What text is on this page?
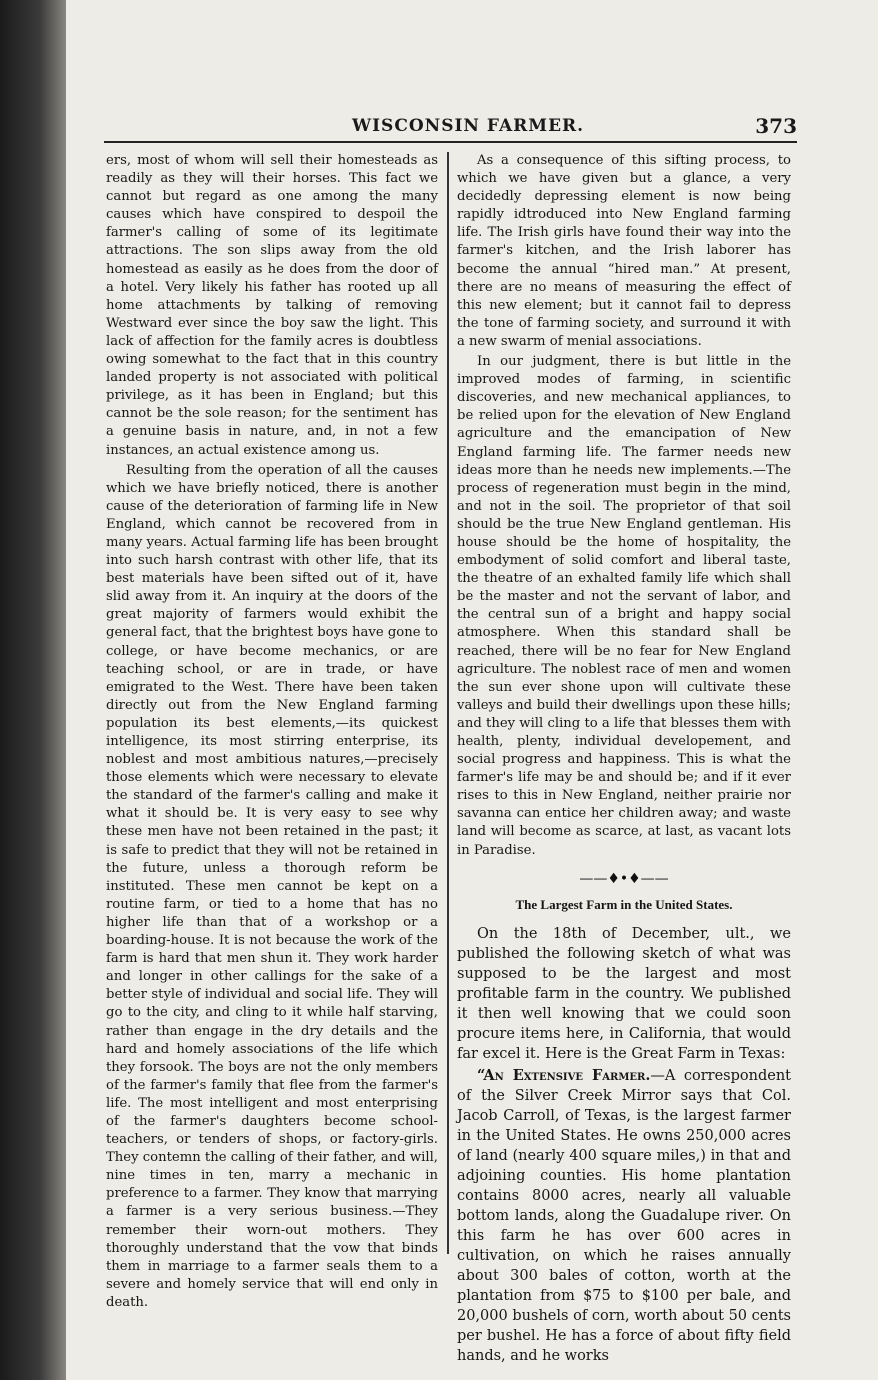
WISCONSIN FARMER.	373

ers, most of whom will sell their homesteads as readily as they will their horses. This fact we cannot but regard as one among the many causes which have conspired to despoil the farmer's calling of some of its legitimate attractions. The son slips away from the old homestead as easily as he does from the door of a hotel. Very likely his father has rooted up all home attachments by talking of removing Westward ever since the boy saw the light. This lack of affection for the family acres is doubtless owing somewhat to the fact that in this country landed property is not associated with political privilege, as it has been in England; but this cannot be the sole reason; for the sentiment has a genuine basis in nature, and, in not a few instances, an actual existence among us.

Resulting from the operation of all the causes which we have briefly noticed, there is another cause of the deterioration of farming life in New England, which cannot be recovered from in many years. Actual farming life has been brought into such harsh contrast with other life, that its best materials have been sifted out of it, have slid away from it. An inquiry at the doors of the great majority of farmers would exhibit the general fact, that the brightest boys have gone to college, or have become mechanics, or are teaching school, or are in trade, or have emigrated to the West. There have been taken directly out from the New England farming population its best elements,—its quickest intelligence, its most stirring enterprise, its noblest and most ambitious natures,—precisely those elements which were necessary to elevate the standard of the farmer's calling and make it what it should be. It is very easy to see why these men have not been retained in the past; it is safe to predict that they will not be retained in the future, unless a thorough reform be instituted. These men cannot be kept on a routine farm, or tied to a home that has no higher life than that of a workshop or a boarding-house. It is not because the work of the farm is hard that men shun it. They work harder and longer in other callings for the sake of a better style of individual and social life. They will go to the city, and cling to it while half starving, rather than engage in the dry details and the hard and homely associations of the life which they forsook. The boys are not the only members of the farmer's family that flee from the farmer's life. The most intelligent and most enterprising of the farmer's daughters become school-teachers, or tenders of shops, or factory-girls. They contemn the calling of their father, and will, nine times in ten, marry a mechanic in preference to a farmer. They know that marrying a farmer is a very serious business.—They remember their worn-out mothers. They thoroughly understand that the vow that binds them in marriage to a farmer seals them to a severe and homely service that will end only in death.

As a consequence of this sifting process, to which we have given but a glance, a very decidedly depressing element is now being rapidly idtroduced into New England farming life. The Irish girls have found their way into the farmer's kitchen, and the Irish laborer has become the annual “hired man.” At present, there are no means of measuring the effect of this new element; but it cannot fail to depress the tone of farming society, and surround it with a new swarm of menial associations.

In our judgment, there is but little in the improved modes of farming, in scientific discoveries, and new mechanical appliances, to be relied upon for the elevation of New England agriculture and the emancipation of New England farming life. The farmer needs new ideas more than he needs new implements.—The process of regeneration must begin in the mind, and not in the soil. The proprietor of that soil should be the true New England gentleman. His house should be the home of hospitality, the embodyment of solid comfort and liberal taste, the theatre of an exhalted family life which shall be the master and not the servant of labor, and the central sun of a bright and happy social atmosphere. When this standard shall be reached, there will be no fear for New England agriculture. The noblest race of men and women the sun ever shone upon will cultivate these valleys and build their dwellings upon these hills; and they will cling to a life that blesses them with health, plenty, individual developement, and social progress and happiness. This is what the farmer's life may be and should be; and if it ever rises to this in New England, neither prairie nor savanna can entice her children away; and waste land will become as scarce, at last, as vacant lots in Paradise.

——♦•♦——
The Largest Farm in the United States.

On the 18th of December, ult., we published the following sketch of what was supposed to be the largest and most profitable farm in the country. We published it then well knowing that we could soon procure items here, in California, that would far excel it. Here is the Great Farm in Texas:

“An Extensive Farmer.—A correspondent of the Silver Creek Mirror says that Col. Jacob Carroll, of Texas, is the largest farmer in the United States. He owns 250,000 acres of land (nearly 400 square miles,) in that and adjoining counties. His home plantation contains 8000 acres, nearly all valuable bottom lands, along the Guadalupe river. On this farm he has over 600 acres in cultivation, on which he raises annually about 300 bales of cotton, worth at the plantation from $75 to $100 per bale, and 20,000 bushels of corn, worth about 50 cents per bushel. He has a force of about fifty field hands, and he works
